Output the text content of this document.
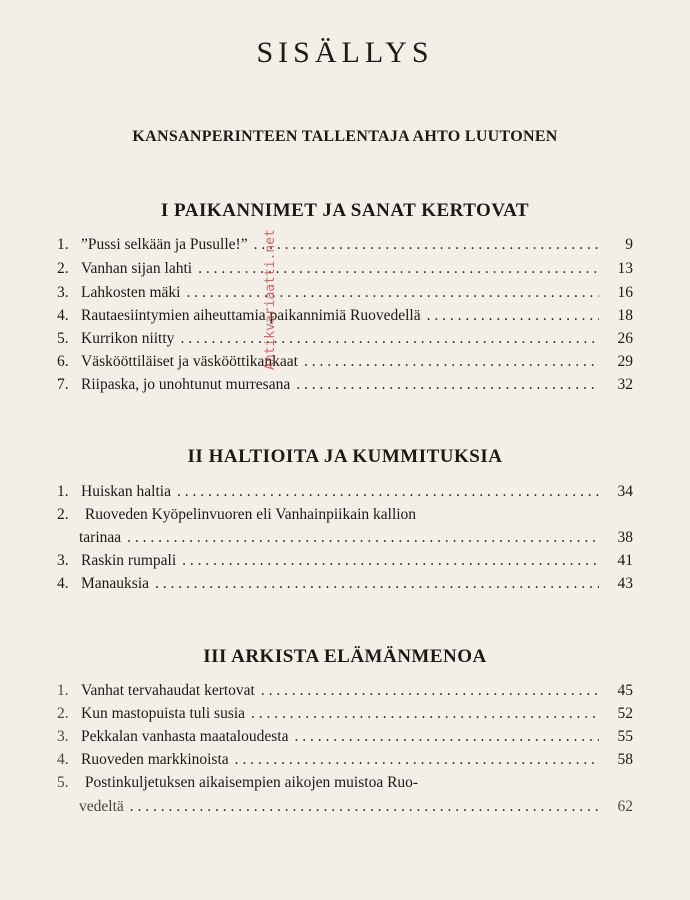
SISÄLLYS
KANSANPERINTEEN TALLENTAJA AHTO LUUTONEN
I PAIKANNIMET JA SANAT KERTOVAT
1. ”Pussi selkään ja Pusulle!” . . .	9
2. Vanhan sijan lahti . . .	13
3. Lahkosten mäki . . .	16
4. Rautaesiintymien aiheuttamia paikannimiä Ruovedellä . . .	18
5. Kurrikon niitty . . .	26
6. Väskööttiläiset ja väskööttikankaat . . .	29
7. Riipaska, jo unohtunut murresana . . .	32
II HALTIOITA JA KUMMITUKSIA
1. Huiskan haltia . . .	34
2. Ruoveden Kyöpelinvuoren eli Vanhainpiikain kallion
tarinaa . . .	38
3. Raskin rumpali . . .	41
4. Manauksia . . .	43
III ARKISTA ELÄMÄNMENOA
1. Vanhat tervahaudat kertovat . . .	45
2. Kun mastopuista tuli susia . . .	52
3. Pekkalan vanhasta maataloudesta . . .	55
4. Ruoveden markkinoista . . .	58
5. Postinkuljetuksen aikaisempien aikojen muistoa Ruo-
vedeltä . . .	62
Antikvariaatti.net
